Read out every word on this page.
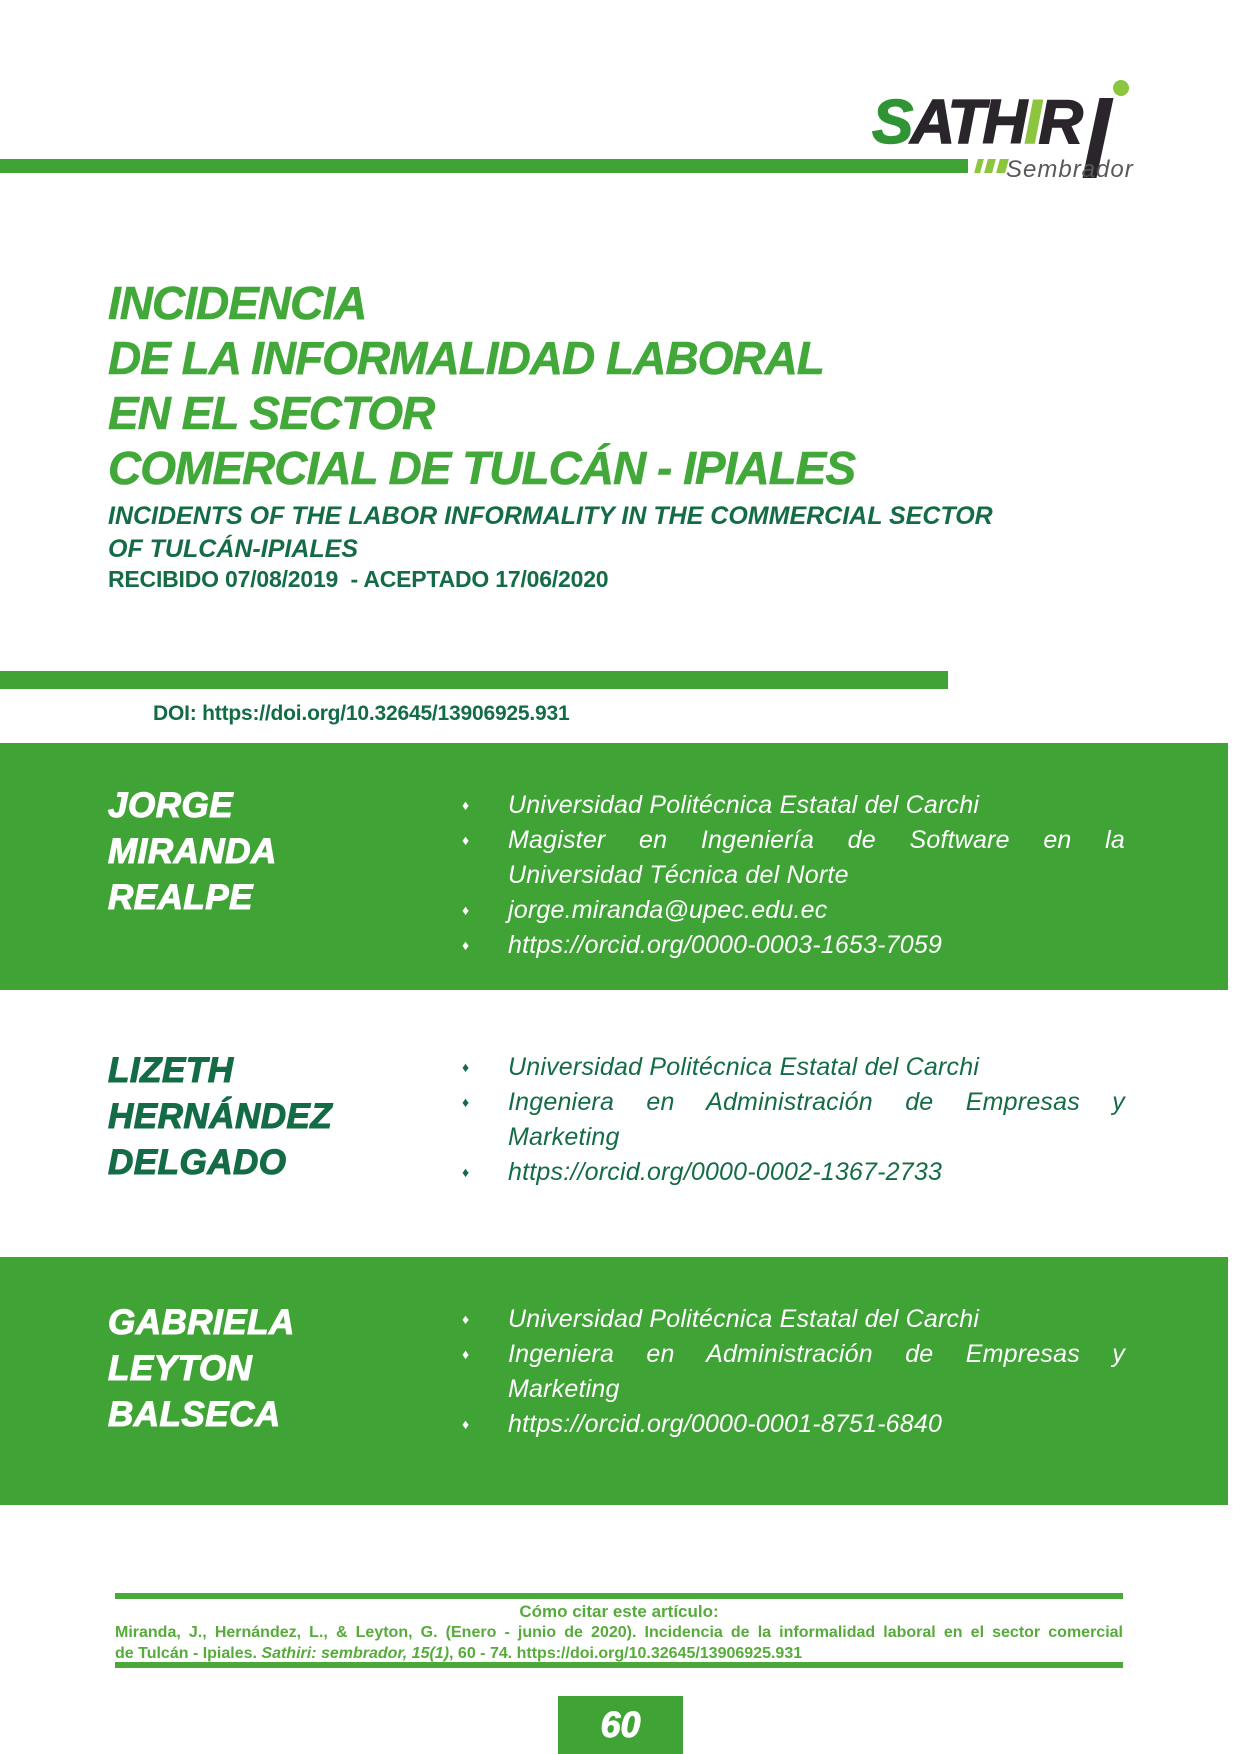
SATHIR
Sembrador
INCIDENCIA
DE LA INFORMALIDAD LABORAL
EN EL SECTOR
COMERCIAL DE TULCÁN - IPIALES
INCIDENTS OF THE LABOR INFORMALITY IN THE COMMERCIAL SECTOR
OF TULCÁN-IPIALES
RECIBIDO 07/08/2019  - ACEPTADO 17/06/2020
DOI: https://doi.org/10.32645/13906925.931
JORGE
MIRANDA
REALPE
♦	Universidad Politécnica Estatal del Carchi
♦	Magister en Ingeniería de Software en la
Universidad Técnica del Norte
♦	jorge.miranda@upec.edu.ec
♦	https://orcid.org/0000-0003-1653-7059
LIZETH
HERNÁNDEZ
DELGADO
♦	Universidad Politécnica Estatal del Carchi
♦	Ingeniera en Administración de Empresas y
Marketing
♦	https://orcid.org/0000-0002-1367-2733
GABRIELA
LEYTON
BALSECA
♦	Universidad Politécnica Estatal del Carchi
♦	Ingeniera en Administración de Empresas y
Marketing
♦	https://orcid.org/0000-0001-8751-6840
Cómo citar este artículo:
Miranda, J., Hernández, L., & Leyton, G. (Enero - junio de 2020). Incidencia de la informalidad laboral en el sector comercial
de Tulcán - Ipiales. Sathiri: sembrador, 15(1), 60 - 74. https://doi.org/10.32645/13906925.931
60
